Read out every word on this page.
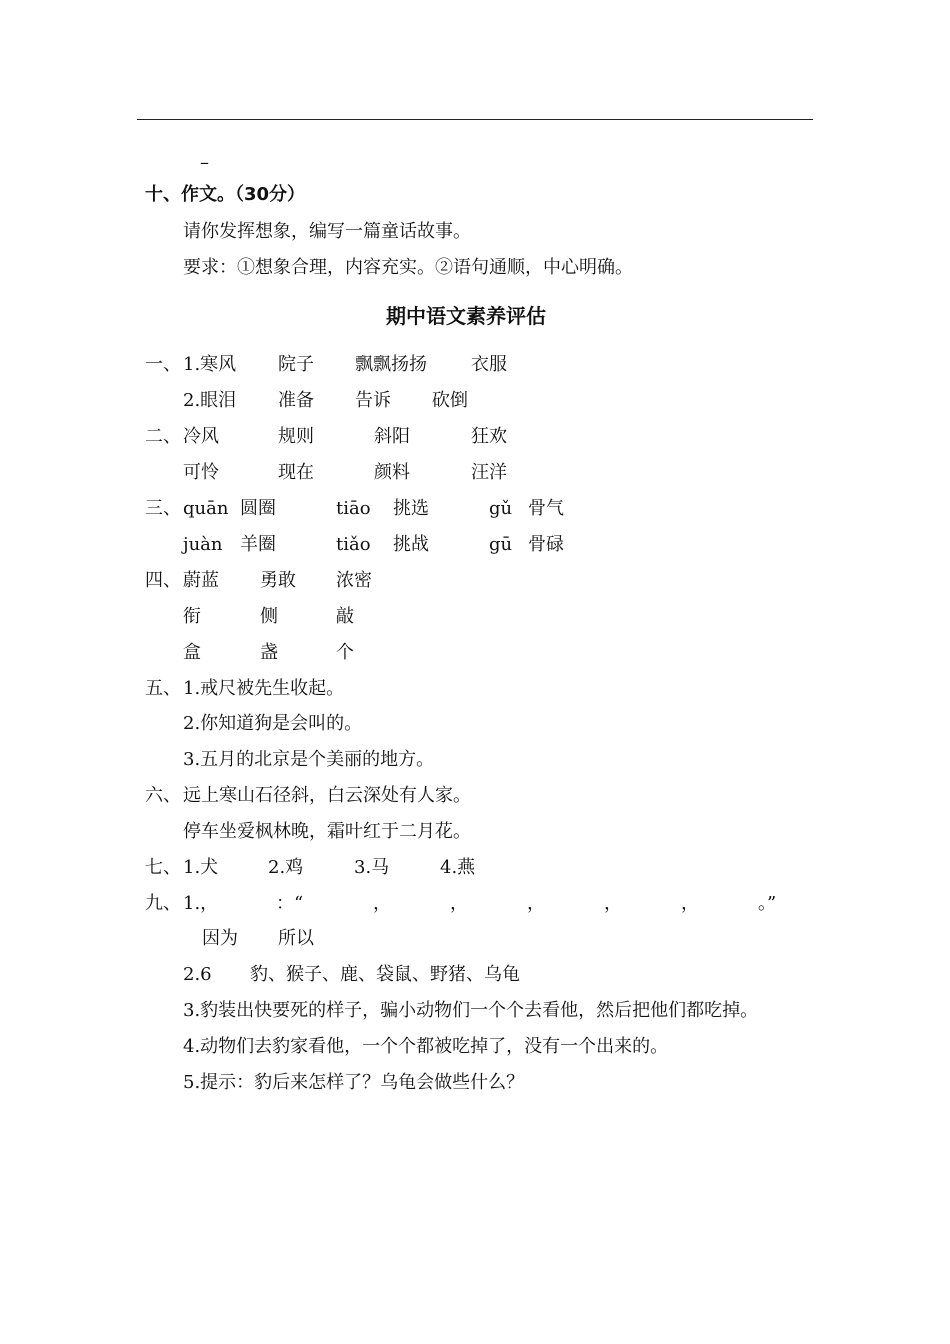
–
十、作文。（30分）
请你发挥想象，编写一篇童话故事。
要求：①想象合理，内容充实。②语句通顺，中心明确。
期中语文素养评估
一、 1.寒风 院子 飘飘扬扬 衣服
2.眼泪 准备 告诉 砍倒
二、 冷风	规则	斜阳	狂欢
可怜	现在	颜料	汪洋
三、 quān 圆圈	tiāo 挑选	gǔ 骨气
juàn 羊圈	tiǎo 挑战	gū 骨碌
四、 蔚蓝 勇敢 浓密
衔	侧	敲
盒	盏	个
五、 1.戒尺被先生收起。
2.你知道狗是会叫的。
3.五月的北京是个美丽的地方。
六、 远上寒山石径斜，白云深处有人家。
停车坐爱枫林晚，霜叶红于二月花。
七、 1.犬	2.鸡	3.马	4.燕
九、 1.，	：“	，	，	，	，	，	。”
因为 所以
2.6 豹、猴子、鹿、袋鼠、野猪、乌龟
3.豹装出快要死的样子，骗小动物们一个个去看他，然后把他们都吃掉。
4.动物们去豹家看他，一个个都被吃掉了，没有一个出来的。
5.提示：豹后来怎样了？乌龟会做些什么？
